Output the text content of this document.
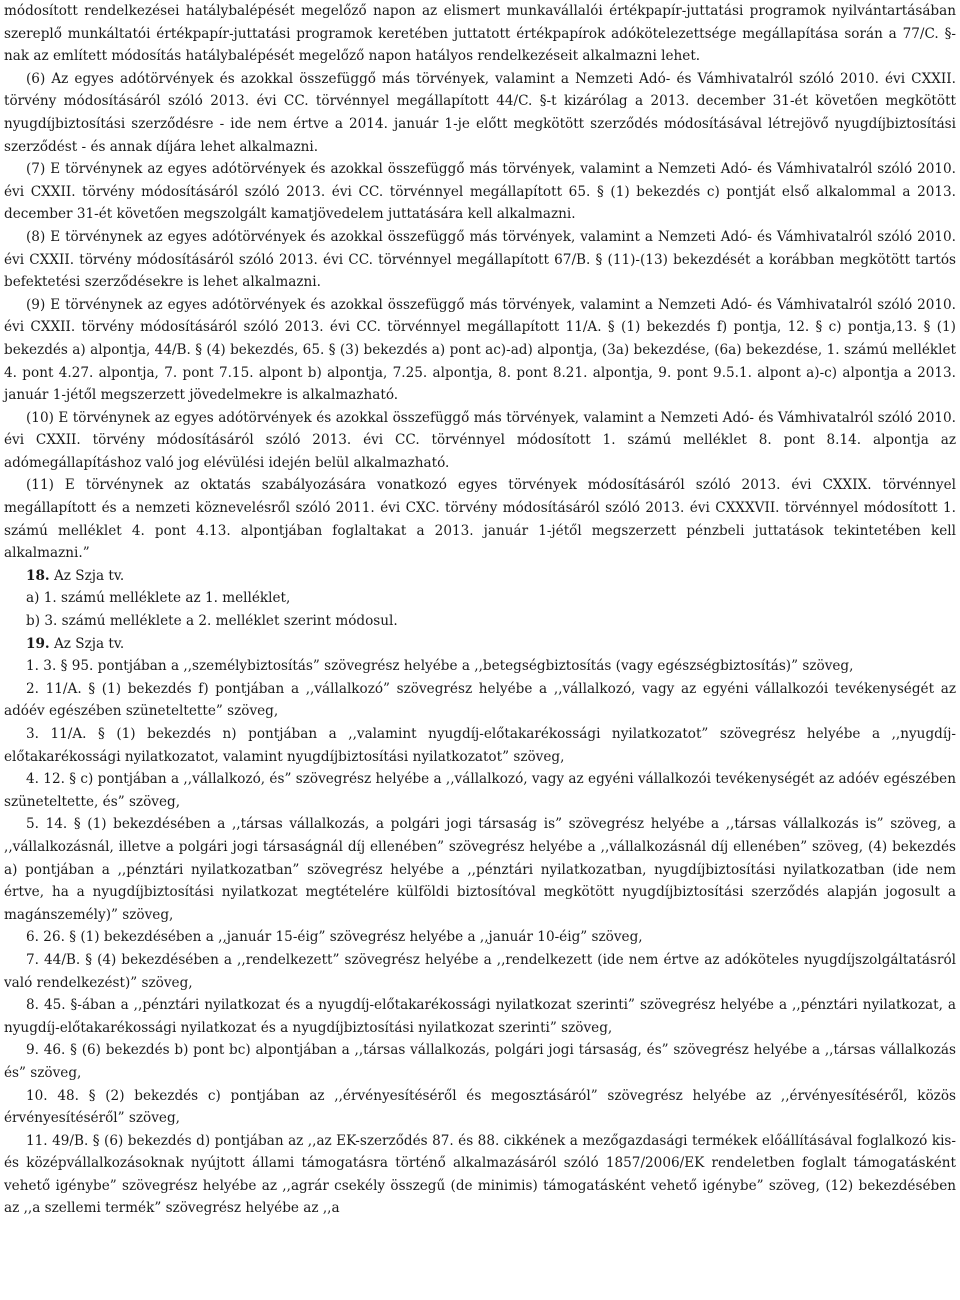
módosított rendelkezései hatálybalépését megelőző napon az elismert munkavállalói értékpapír-juttatási programok nyilvántartásában szereplő munkáltatói értékpapír-juttatási programok keretében juttatott értékpapírok adókötelezettsége megállapítása során a 77/C. §-nak az említett módosítás hatálybalépését megelőző napon hatályos rendelkezéseit alkalmazni lehet.

(6) Az egyes adótörvények és azokkal összefüggő más törvények, valamint a Nemzeti Adó- és Vámhivatalról szóló 2010. évi CXXII. törvény módosításáról szóló 2013. évi CC. törvénnyel megállapított 44/C. §-t kizárólag a 2013. december 31-ét követően megkötött nyugdíjbiztosítási szerződésre - ide nem értve a 2014. január 1-je előtt megkötött szerződés módosításával létrejövő nyugdíjbiztosítási szerződést - és annak díjára lehet alkalmazni.

(7) E törvénynek az egyes adótörvények és azokkal összefüggő más törvények, valamint a Nemzeti Adó- és Vámhivatalról szóló 2010. évi CXXII. törvény módosításáról szóló 2013. évi CC. törvénnyel megállapított 65. § (1) bekezdés c) pontját első alkalommal a 2013. december 31-ét követően megszolgált kamatjövedelem juttatására kell alkalmazni.

(8) E törvénynek az egyes adótörvények és azokkal összefüggő más törvények, valamint a Nemzeti Adó- és Vámhivatalról szóló 2010. évi CXXII. törvény módosításáról szóló 2013. évi CC. törvénnyel megállapított 67/B. § (11)-(13) bekezdését a korábban megkötött tartós befektetési szerződésekre is lehet alkalmazni.

(9) E törvénynek az egyes adótörvények és azokkal összefüggő más törvények, valamint a Nemzeti Adó- és Vámhivatalról szóló 2010. évi CXXII. törvény módosításáról szóló 2013. évi CC. törvénnyel megállapított 11/A. § (1) bekezdés f) pontja, 12. § c) pontja,13. § (1) bekezdés a) alpontja, 44/B. § (4) bekezdés, 65. § (3) bekezdés a) pont ac)-ad) alpontja, (3a) bekezdése, (6a) bekezdése, 1. számú melléklet 4. pont 4.27. alpontja, 7. pont 7.15. alpont b) alpontja, 7.25. alpontja, 8. pont 8.21. alpontja, 9. pont 9.5.1. alpont a)-c) alpontja a 2013. január 1-jétől megszerzett jövedelmekre is alkalmazható.

(10) E törvénynek az egyes adótörvények és azokkal összefüggő más törvények, valamint a Nemzeti Adó- és Vámhivatalról szóló 2010. évi CXXII. törvény módosításáról szóló 2013. évi CC. törvénnyel módosított 1. számú melléklet 8. pont 8.14. alpontja az adómegállapításhoz való jog elévülési idején belül alkalmazható.

(11) E törvénynek az oktatás szabályozására vonatkozó egyes törvények módosításáról szóló 2013. évi CXXIX. törvénnyel megállapított és a nemzeti köznevelésről szóló 2011. évi CXC. törvény módosításáról szóló 2013. évi CXXXVII. törvénnyel módosított 1. számú melléklet 4. pont 4.13. alpontjában foglaltakat a 2013. január 1-jétől megszerzett pénzbeli juttatások tekintetében kell alkalmazni.”

18. Az Szja tv.

a) 1. számú melléklete az 1. melléklet,

b) 3. számú melléklete a 2. melléklet szerint módosul.

19. Az Szja tv.

1. 3. § 95. pontjában a ,,személybiztosítás” szövegrész helyébe a ,,betegségbiztosítás (vagy egészségbiztosítás)” szöveg,

2. 11/A. § (1) bekezdés f) pontjában a ,,vállalkozó” szövegrész helyébe a ,,vállalkozó, vagy az egyéni vállalkozói tevékenységét az adóév egészében szüneteltette” szöveg,

3. 11/A. § (1) bekezdés n) pontjában a ,,valamint nyugdíj-előtakarékossági nyilatkozatot” szövegrész helyébe a ,,nyugdíj-előtakarékossági nyilatkozatot, valamint nyugdíjbiztosítási nyilatkozatot” szöveg,

4. 12. § c) pontjában a ,,vállalkozó, és” szövegrész helyébe a ,,vállalkozó, vagy az egyéni vállalkozói tevékenységét az adóév egészében szüneteltette, és” szöveg,

5. 14. § (1) bekezdésében a ,,társas vállalkozás, a polgári jogi társaság is” szövegrész helyébe a ,,társas vállalkozás is” szöveg, a ,,vállalkozásnál, illetve a polgári jogi társaságnál díj ellenében” szövegrész helyébe a ,,vállalkozásnál díj ellenében” szöveg, (4) bekezdés a) pontjában a ,,pénztári nyilatkozatban” szövegrész helyébe a ,,pénztári nyilatkozatban, nyugdíjbiztosítási nyilatkozatban (ide nem értve, ha a nyugdíjbiztosítási nyilatkozat megtételére külföldi biztosítóval megkötött nyugdíjbiztosítási szerződés alapján jogosult a magánszemély)” szöveg,

6. 26. § (1) bekezdésében a ,,január 15-éig” szövegrész helyébe a ,,január 10-éig” szöveg,

7. 44/B. § (4) bekezdésében a ,,rendelkezett” szövegrész helyébe a ,,rendelkezett (ide nem értve az adóköteles nyugdíjszolgáltatásról való rendelkezést)” szöveg,

8. 45. §-ában a ,,pénztári nyilatkozat és a nyugdíj-előtakarékossági nyilatkozat szerinti” szövegrész helyébe a ,,pénztári nyilatkozat, a nyugdíj-előtakarékossági nyilatkozat és a nyugdíjbiztosítási nyilatkozat szerinti” szöveg,

9. 46. § (6) bekezdés b) pont bc) alpontjában a ,,társas vállalkozás, polgári jogi társaság, és” szövegrész helyébe a ,,társas vállalkozás és” szöveg,

10. 48. § (2) bekezdés c) pontjában az ,,érvényesítéséről és megosztásáról” szövegrész helyébe az ,,érvényesítéséről, közös érvényesítéséről” szöveg,

11. 49/B. § (6) bekezdés d) pontjában az ,,az EK-szerződés 87. és 88. cikkének a mezőgazdasági termékek előállításával foglalkozó kis- és középvállalkozásoknak nyújtott állami támogatásra történő alkalmazásáról szóló 1857/2006/EK rendeletben foglalt támogatásként vehető igénybe” szövegrész helyébe az ,,agrár csekély összegű (de minimis) támogatásként vehető igénybe” szöveg, (12) bekezdésében az ,,a szellemi termék” szövegrész helyébe az ,,a
